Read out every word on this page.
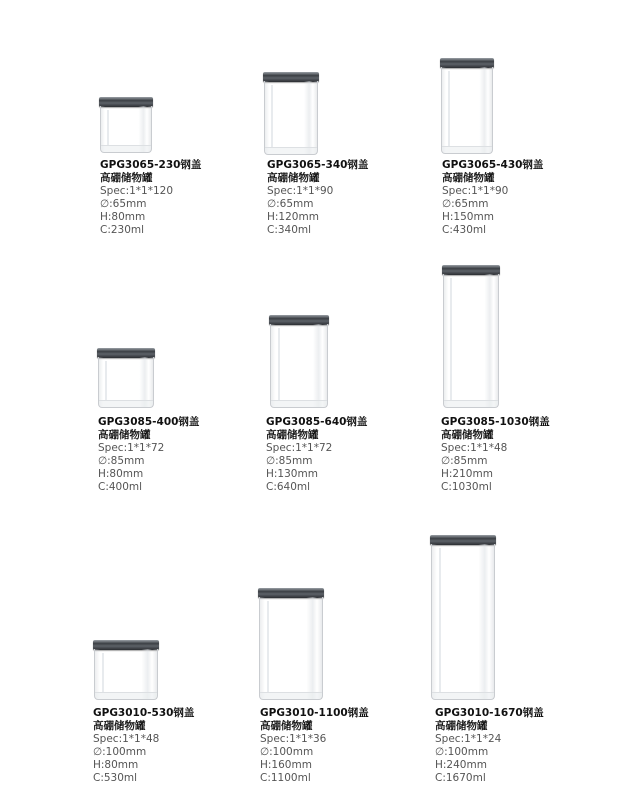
GPG3065-230钢盖
高硼储物罐
Spec:1*1*120
∅:65mm
H:80mm
C:230ml
GPG3065-340钢盖
高硼储物罐
Spec:1*1*90
∅:65mm
H:120mm
C:340ml
GPG3065-430钢盖
高硼储物罐
Spec:1*1*90
∅:65mm
H:150mm
C:430ml
GPG3085-400钢盖
高硼储物罐
Spec:1*1*72
∅:85mm
H:80mm
C:400ml
GPG3085-640钢盖
高硼储物罐
Spec:1*1*72
∅:85mm
H:130mm
C:640ml
GPG3085-1030钢盖
高硼储物罐
Spec:1*1*48
∅:85mm
H:210mm
C:1030ml
GPG3010-530钢盖
高硼储物罐
Spec:1*1*48
∅:100mm
H:80mm
C:530ml
GPG3010-1100钢盖
高硼储物罐
Spec:1*1*36
∅:100mm
H:160mm
C:1100ml
GPG3010-1670钢盖
高硼储物罐
Spec:1*1*24
∅:100mm
H:240mm
C:1670ml
